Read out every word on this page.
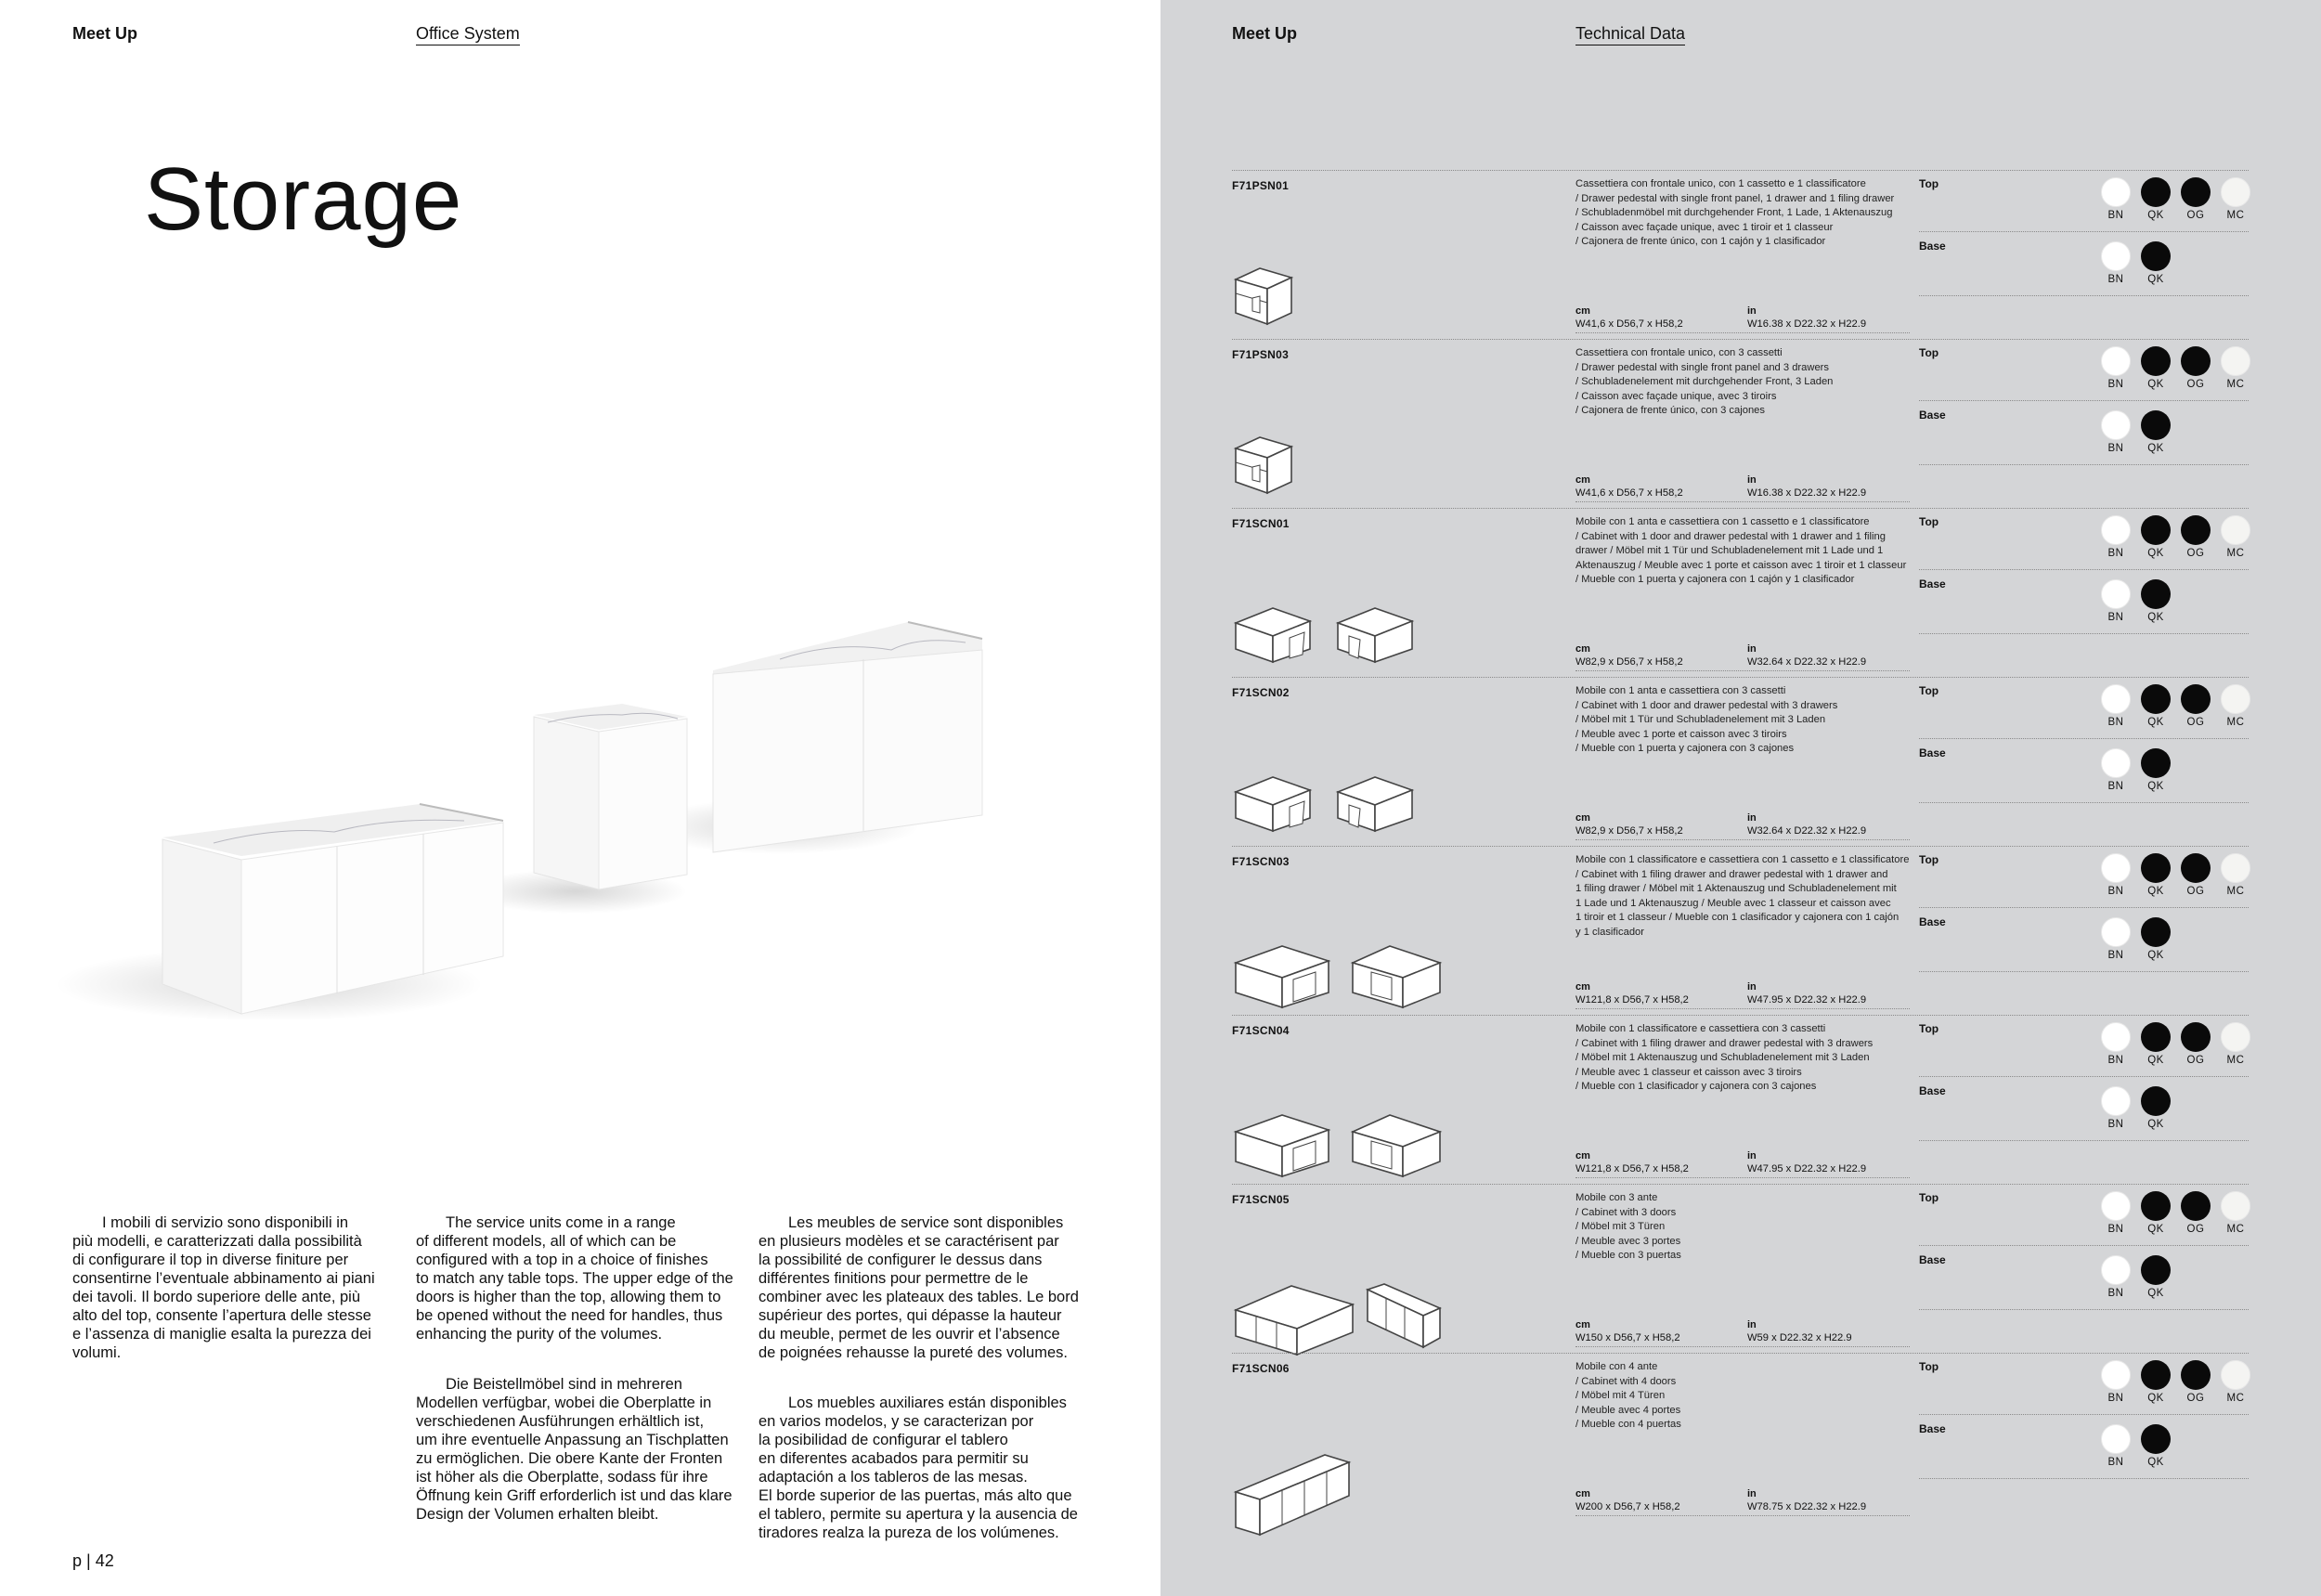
Meet Up	Office System
Storage

I mobili di servizio sono disponibili in
più modelli, e caratterizzati dalla possibilità
di configurare il top in diverse finiture per
consentirne l’eventuale abbinamento ai piani
dei tavoli. Il bordo superiore delle ante, più
alto del top, consente l’apertura delle stesse
e l’assenza di maniglie esalta la purezza dei
volumi.

The service units come in a range
of different models, all of which can be
configured with a top in a choice of finishes
to match any table tops. The upper edge of the
doors is higher than the top, allowing them to
be opened without the need for handles, thus
enhancing the purity of the volumes.

Die Beistellmöbel sind in mehreren
Modellen verfügbar, wobei die Oberplatte in
verschiedenen Ausführungen erhältlich ist,
um ihre eventuelle Anpassung an Tischplatten
zu ermöglichen. Die obere Kante der Fronten
ist höher als die Oberplatte, sodass für ihre
Öffnung kein Griff erforderlich ist und das klare
Design der Volumen erhalten bleibt.

Les meubles de service sont disponibles
en plusieurs modèles et se caractérisent par
la possibilité de configurer le dessus dans
différentes finitions pour permettre de le
combiner avec les plateaux des tables. Le bord
supérieur des portes, qui dépasse la hauteur
du meuble, permet de les ouvrir et l’absence
de poignées rehausse la pureté des volumes.

Los muebles auxiliares están disponibles
en varios modelos, y se caracterizan por
la posibilidad de configurar el tablero
en diferentes acabados para permitir su
adaptación a los tableros de las mesas.
El borde superior de las puertas, más alto que
el tablero, permite su apertura y la ausencia de
tiradores realza la pureza de los volúmenes.

p | 42
Meet Up	Technical Data
F71PSN01	Cassettiera con frontale unico, con 1 cassetto e 1 classificatore
/ Drawer pedestal with single front panel, 1 drawer and 1 filing drawer
/ Schubladenmöbel mit durchgehender Front, 1 Lade, 1 Aktenauszug
/ Caisson avec façade unique, avec 1 tiroir et 1 classeur
/ Cajonera de frente único, con 1 cajón y 1 clasificador
cm
W41,6 x D56,7 x H58,2
in
W16.38 x D22.32 x H22.9
Top
BN	QK	OG	MC
Base
BN	QK
F71PSN03	Cassettiera con frontale unico, con 3 cassetti
/ Drawer pedestal with single front panel and 3 drawers
/ Schubladenelement mit durchgehender Front, 3 Laden
/ Caisson avec façade unique, avec 3 tiroirs
/ Cajonera de frente único, con 3 cajones
cm
W41,6 x D56,7 x H58,2
in
W16.38 x D22.32 x H22.9
Top
BN	QK	OG	MC
Base
BN	QK
F71SCN01	Mobile con 1 anta e cassettiera con 1 cassetto e 1 classificatore
/ Cabinet with 1 door and drawer pedestal with 1 drawer and 1 filing
drawer / Möbel mit 1 Tür und Schubladenelement mit 1 Lade und 1
Aktenauszug / Meuble avec 1 porte et caisson avec 1 tiroir et 1 classeur
/ Mueble con 1 puerta y cajonera con 1 cajón y 1 clasificador
cm
W82,9 x D56,7 x H58,2
in
W32.64 x D22.32 x H22.9
Top
BN	QK	OG	MC
Base
BN	QK
F71SCN02	Mobile con 1 anta e cassettiera con 3 cassetti
/ Cabinet with 1 door and drawer pedestal with 3 drawers
/ Möbel mit 1 Tür und Schubladenelement mit 3 Laden
/ Meuble avec 1 porte et caisson avec 3 tiroirs
/ Mueble con 1 puerta y cajonera con 3 cajones
cm
W82,9 x D56,7 x H58,2
in
W32.64 x D22.32 x H22.9
Top
BN	QK	OG	MC
Base
BN	QK
F71SCN03	Mobile con 1 classificatore e cassettiera con 1 cassetto e 1 classificatore
/ Cabinet with 1 filing drawer and drawer pedestal with 1 drawer and
1 filing drawer / Möbel mit 1 Aktenauszug und Schubladenelement mit
1 Lade und 1 Aktenauszug / Meuble avec 1 classeur et caisson avec
1 tiroir et 1 classeur / Mueble con 1 clasificador y cajonera con 1 cajón
y 1 clasificador
cm
W121,8 x D56,7 x H58,2
in
W47.95 x D22.32 x H22.9
Top
BN	QK	OG	MC
Base
BN	QK
F71SCN04	Mobile con 1 classificatore e cassettiera con 3 cassetti
/ Cabinet with 1 filing drawer and drawer pedestal with 3 drawers
/ Möbel mit 1 Aktenauszug und Schubladenelement mit 3 Laden
/ Meuble avec 1 classeur et caisson avec 3 tiroirs
/ Mueble con 1 clasificador y cajonera con 3 cajones
cm
W121,8 x D56,7 x H58,2
in
W47.95 x D22.32 x H22.9
Top
BN	QK	OG	MC
Base
BN	QK
F71SCN05	Mobile con 3 ante
/ Cabinet with 3 doors
/ Möbel mit 3 Türen
/ Meuble avec 3 portes
/ Mueble con 3 puertas
cm
W150 x D56,7 x H58,2
in
W59 x D22.32 x H22.9
Top
BN	QK	OG	MC
Base
BN	QK
F71SCN06	Mobile con 4 ante
/ Cabinet with 4 doors
/ Möbel mit 4 Türen
/ Meuble avec 4 portes
/ Mueble con 4 puertas
cm
W200 x D56,7 x H58,2
in
W78.75 x D22.32 x H22.9
Top
BN	QK	OG	MC
Base
BN	QK
